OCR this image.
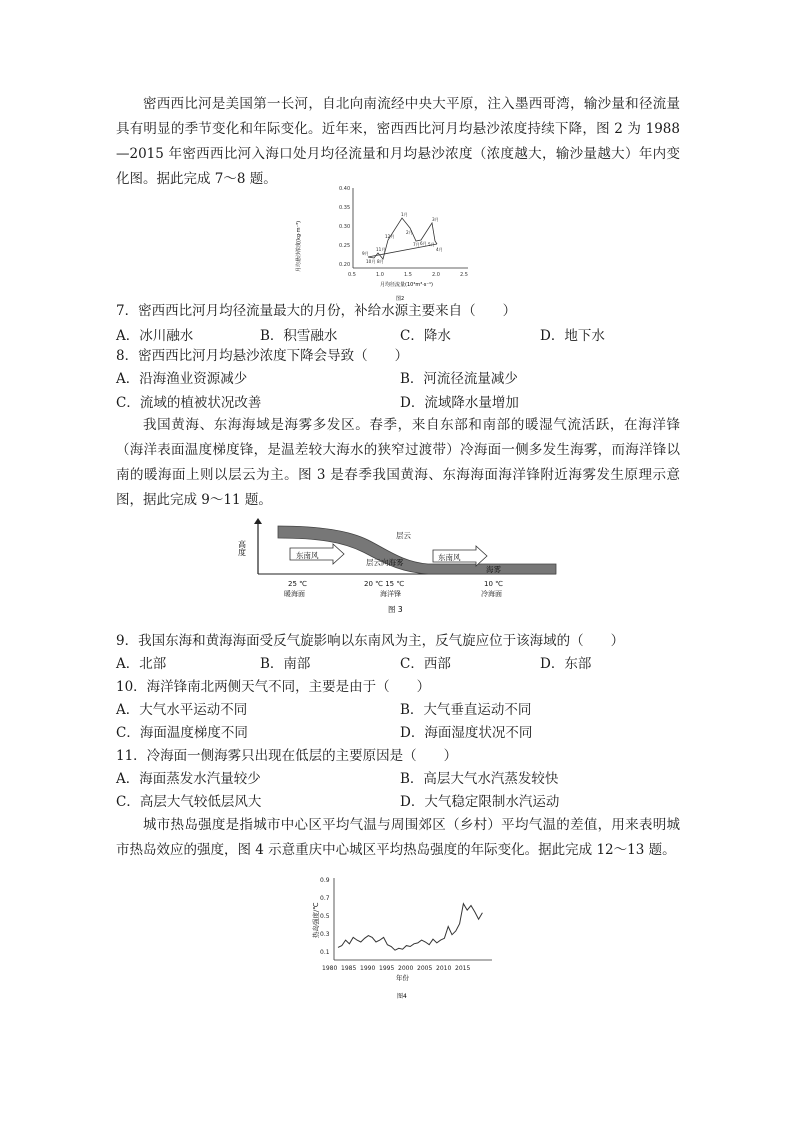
密西西比河是美国第一长河，自北向南流经中央大平原，注入墨西哥湾，输沙量和径流量具有明显的季节变化和年际变化。近年来，密西西比河月均悬沙浓度持续下降，图 2 为 1988—2015 年密西西比河入海口处月均径流量和月均悬沙浓度（浓度越大，输沙量越大）年内变化图。据此完成 7～8 题。
月均悬沙浓度(kg·m⁻³)
0.40
0.35
0.30
0.25
0.20
0.5	1.0	1.5	2.0	2.5
9月
10月
11月
8月
12月
1月
2月
7月 6月
3月
5月
4月
月均径流量(10⁴m³·s⁻¹)
图2
7．密西西比河月均径流量最大的月份，补给水源主要来自（　　）
A．冰川融水	B．积雪融水	C．降水	D．地下水
8．密西西比河月均悬沙浓度下降会导致（　　）
A．沿海渔业资源减少	B．河流径流量减少
C．流域的植被状况改善	D．流域降水量增加
我国黄海、东海海域是海雾多发区。春季，来自东部和南部的暖湿气流活跃，在海洋锋（海洋表面温度梯度锋，是温差较大海水的狭窄过渡带）冷海面一侧多发生海雾，而海洋锋以南的暖海面上则以层云为主。图 3 是春季我国黄海、东海海面海洋锋附近海雾发生原理示意图，据此完成 9～11 题。
高度	东南风	东南风
层云
层云向海雾
海雾
25 ℃
暖海面
20 ℃ 15 ℃
海洋锋
10 ℃
冷海面
图 3
9．我国东海和黄海海面受反气旋影响以东南风为主，反气旋应位于该海域的（　　）
A．北部	B．南部	C．西部	D．东部
10．海洋锋南北两侧天气不同，主要是由于（　　）
A．大气水平运动不同	B．大气垂直运动不同
C．海面温度梯度不同	D．海面湿度状况不同
11．冷海面一侧海雾只出现在低层的主要原因是（　　）
A．海面蒸发水汽量较少	B．高层大气水汽蒸发较快
C．高层大气较低层风大	D．大气稳定限制水汽运动
城市热岛强度是指城市中心区平均气温与周围郊区（乡村）平均气温的差值，用来表明城市热岛效应的强度，图 4 示意重庆中心城区平均热岛强度的年际变化。据此完成 12～13 题。
热岛强度/℃
0.9
0.7
0.5
0.3
0.1
1980 1985 1990 1995 2000 2005 2010 2015
年份
图4
